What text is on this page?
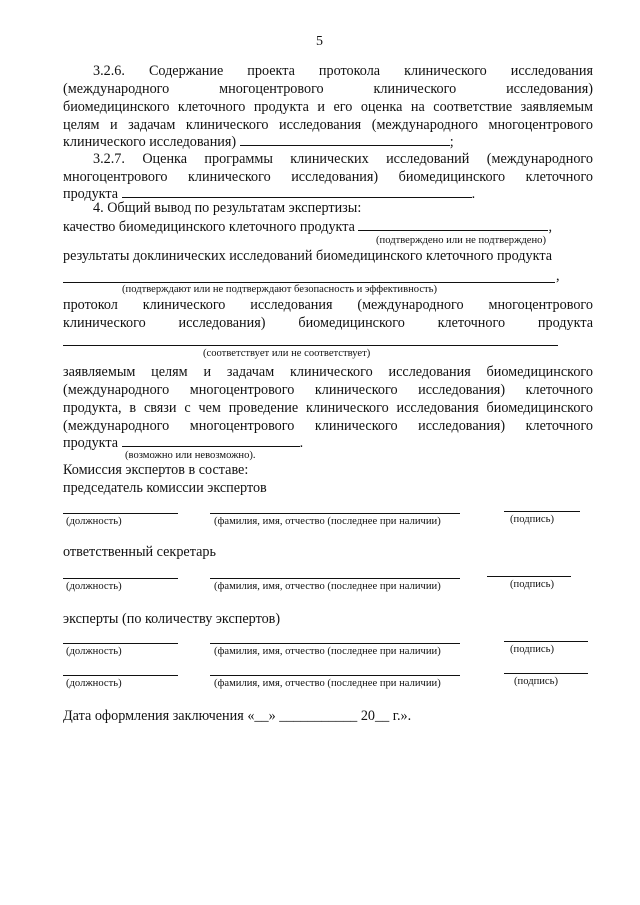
5
3.2.6. Содержание проекта протокола клинического исследования
(международного многоцентрового клинического исследования)
биомедицинского клеточного продукта и его оценка на соответствие заявляемым
целям и задачам клинического исследования (международного многоцентрового
клинического исследования)	;
3.2.7. Оценка программы клинических исследований (международного
многоцентрового клинического исследования) биомедицинского клеточного
продукта	.
4. Общий вывод по результатам экспертизы:
качество биомедицинского клеточного продукта	,
(подтверждено или не подтверждено)
результаты доклинических исследований биомедицинского клеточного продукта
,
(подтверждают или не подтверждают безопасность и эффективность)
протокол клинического исследования (международного многоцентрового
клинического исследования) биомедицинского клеточного продукта
(соответствует или не соответствует)
заявляемым целям и задачам клинического исследования биомедицинского
(международного многоцентрового клинического исследования) клеточного
продукта, в связи с чем проведение клинического исследования биомедицинского
(международного многоцентрового клинического исследования) клеточного
продукта	.
(возможно или невозможно).
Комиссия экспертов в составе:
председатель комиссии экспертов
(должность)	(фамилия, имя, отчество (последнее при наличии)	(подпись)
ответственный секретарь
(должность)	(фамилия, имя, отчество (последнее при наличии)	(подпись)
эксперты (по количеству экспертов)
(должность)	(фамилия, имя, отчество (последнее при наличии)	(подпись)
(должность)	(фамилия, имя, отчество (последнее при наличии)	(подпись)
Дата оформления заключения «__» ___________ 20__ г.».
